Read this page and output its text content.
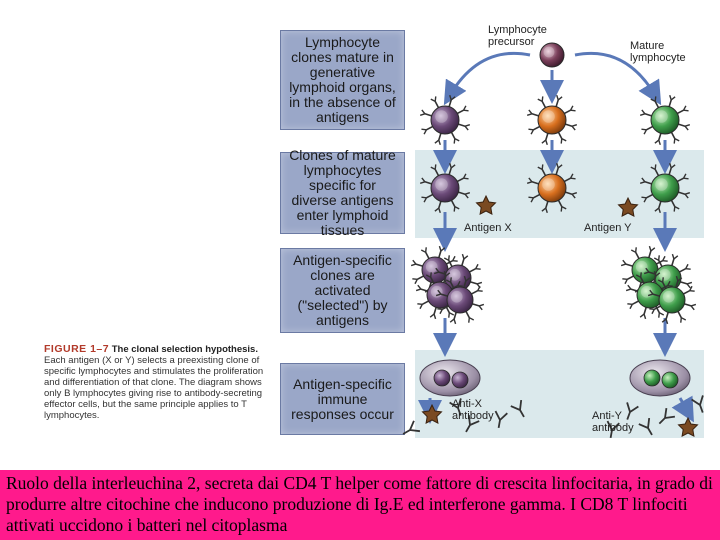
Lymphocyte clones mature in generative lymphoid organs, in the absence of antigens
Clones of mature lymphocytes specific for diverse antigens enter lymphoid tissues
Antigen-specific clones are activated ("selected") by antigens
Antigen-specific immune responses occur
Lymphocyte precursor	Mature lymphocyte
Antigen X	Antigen Y
Anti-X antibody	Anti-Y antibody
FIGURE 1–7 The clonal selection hypothesis. Each antigen (X or Y) selects a preexisting clone of specific lymphocytes and stimulates the proliferation and differentiation of that clone. The diagram shows only B lymphocytes giving rise to antibody-secreting effector cells, but the same principle applies to T lymphocytes.

Ruolo della interleuchina 2, secreta dai CD4 T helper come fattore di crescita linfocitaria, in grado di produrre altre citochine che inducono produzione di Ig.E ed interferone gamma. I CD8 T linfociti attivati uccidono i batteri nel citoplasma
